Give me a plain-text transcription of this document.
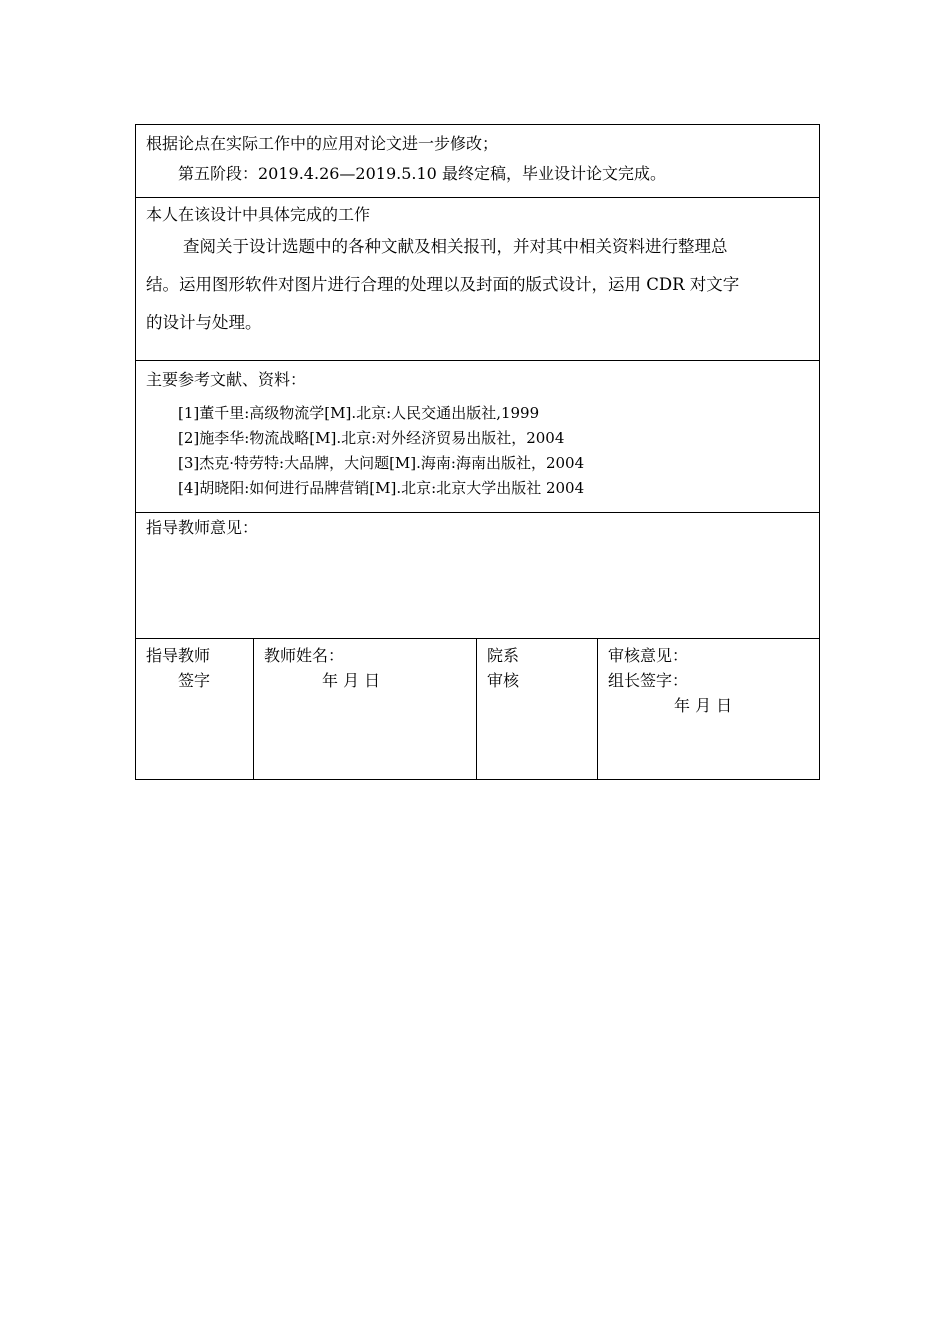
根据论点在实际工作中的应用对论文进一步修改；
第五阶段：2019.4.26—2019.5.10 最终定稿，毕业设计论文完成。

本人在该设计中具体完成的工作
查阅关于设计选题中的各种文献及相关报刊，并对其中相关资料进行整理总
结。运用图形软件对图片进行合理的处理以及封面的版式设计，运用 CDR 对文字
的设计与处理。

主要参考文献、资料：
[1]董千里:高级物流学[M].北京:人民交通出版社,1999
[2]施李华:物流战略[M].北京:对外经济贸易出版社，2004
[3]杰克·特劳特:大品牌，大问题[M].海南:海南出版社，2004
[4]胡晓阳:如何进行品牌营销[M].北京:北京大学出版社 2004

指导教师意见：

指导教师
签字

教师姓名：
年 月 日

院系
审核

审核意见：
组长签字：
年 月 日
